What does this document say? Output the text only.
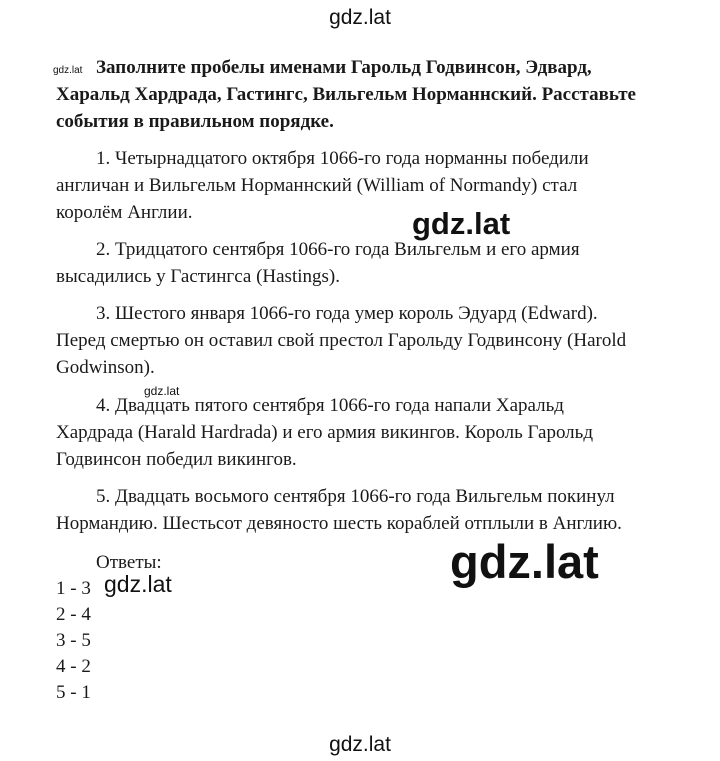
gdz.lat
Заполните пробелы именами Гарольд Годвинсон, Эдвард,
Харальд Хардрада, Гастингс, Вильгельм Норманнский. Расставьте
события в правильном порядке.
gdz.lat
1. Четырнадцатого октября 1066-го года норманны победили
англичан и Вильгельм Норманнский (William of Normandy) стал
королём Англии.
2. Тридцатого сентября 1066-го года Вильгельм и его армия
высадились у Гастингса (Hastings).
3. Шестого января 1066-го года умер король Эдуард (Edward).
Перед смертью он оставил свой престол Гарольду Годвинсону (Harold
Godwinson).
4. Двадцать пятого сентября 1066-го года напали Харальд
Хардрада (Harald Hardrada) и его армия викингов. Король Гарольд
Годвинсон победил викингов.
5. Двадцать восьмого сентября 1066-го года Вильгельм покинул
Нормандию. Шестьсот девяносто шесть кораблей отплыли в Англию.
gdz.lat
gdz.lat
Ответы:
1 - 3
2 - 4
3 - 5
4 - 2
5 - 1
gdz.lat
gdz.lat
gdz.lat
